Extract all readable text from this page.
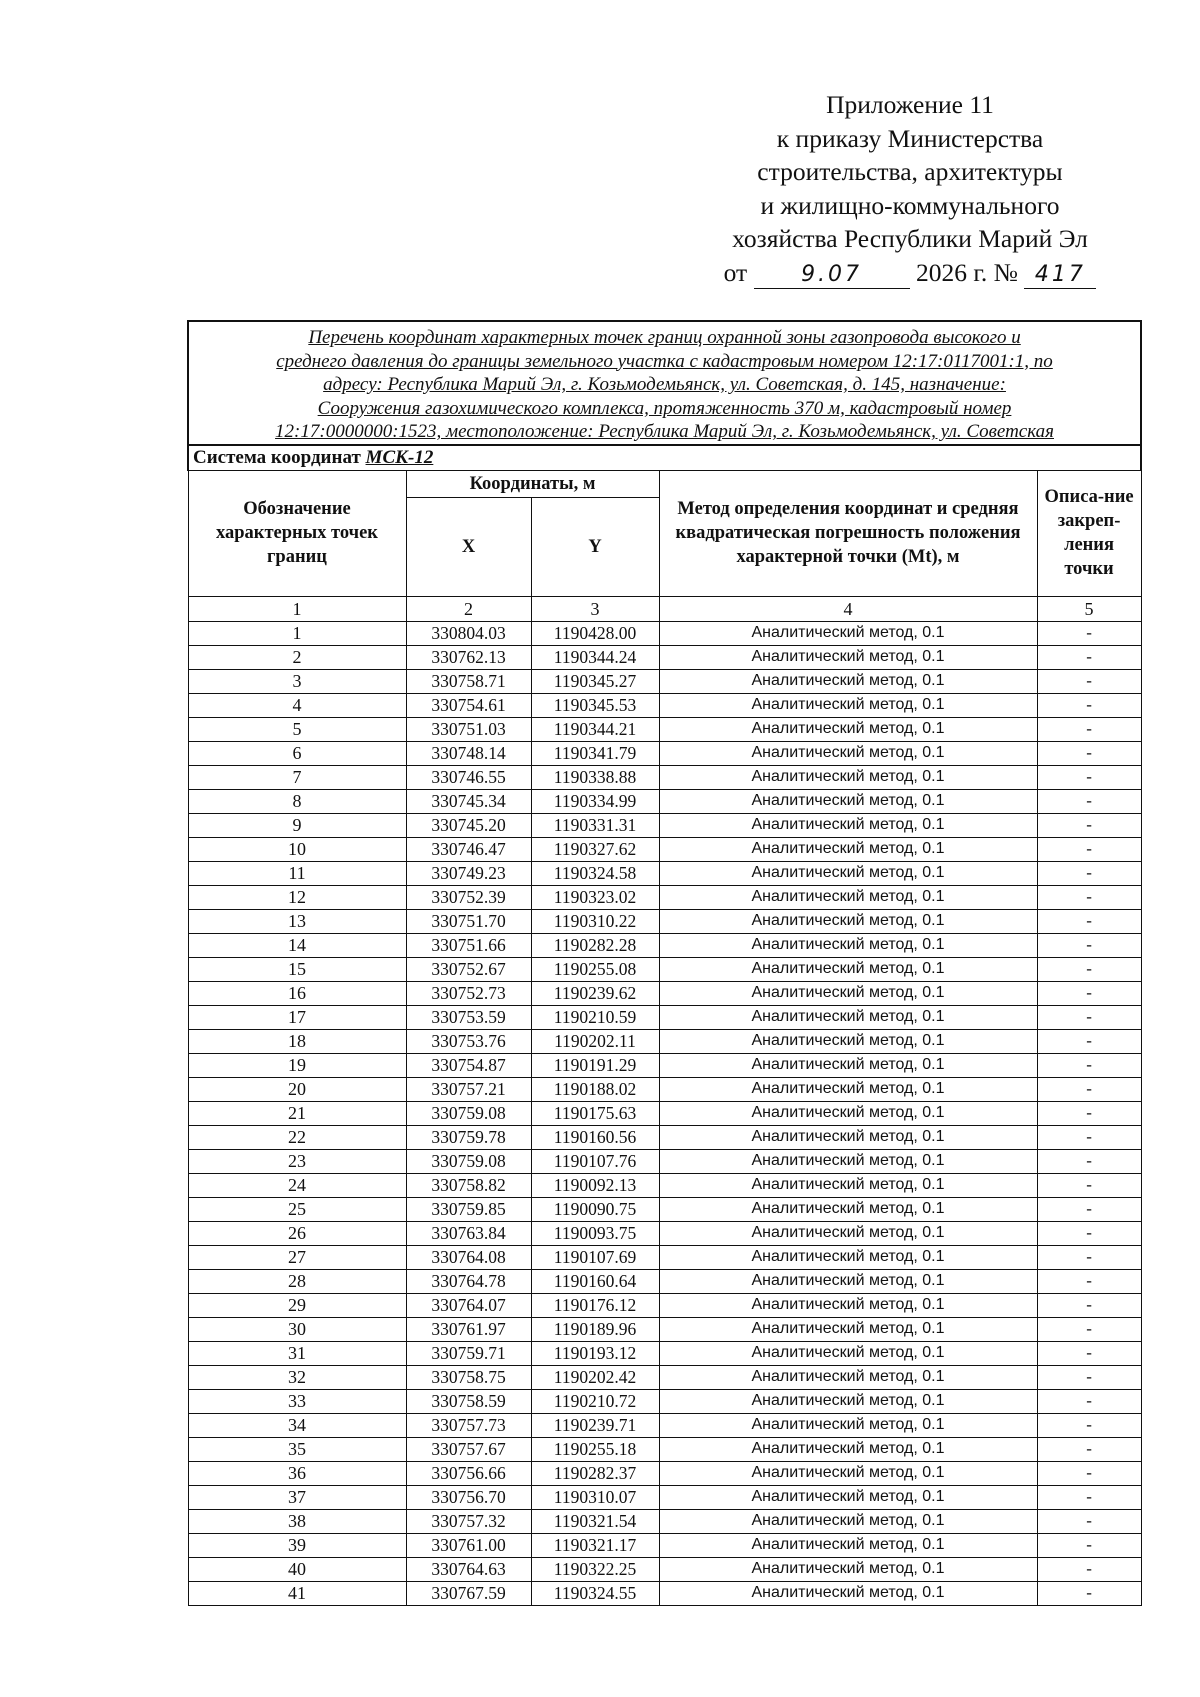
Приложение 11
к приказу Министерства
строительства, архитектуры
и жилищно-коммунального
хозяйства Республики Марий Эл
от 9.07 2026 г. № 417
Перечень координат характерных точек границ охранной зоны газопровода высокого и
среднего давления до границы земельного участка с кадастровым номером 12:17:0117001:1, по
адресу: Республика Марий Эл, г. Козьмодемьянск, ул. Советская, д. 145, назначение:
Сооружения газохимического комплекса, протяженность 370 м, кадастровый номер
12:17:0000000:1523, местоположение: Республика Марий Эл, г. Козьмодемьянск, ул. Советская				

Система координат МСК-12				
Обозначение характерных точек границ	Координаты, м		Метод определения координат и средняя квадратическая погрешность положения характерной точки (Mt), м	Описа-ние закреп-ления точки
	X	Y		
1	2	3	4	5
1	330804.03	1190428.00	Аналитический метод, 0.1	-
2	330762.13	1190344.24	Аналитический метод, 0.1	-
3	330758.71	1190345.27	Аналитический метод, 0.1	-
4	330754.61	1190345.53	Аналитический метод, 0.1	-
5	330751.03	1190344.21	Аналитический метод, 0.1	-
6	330748.14	1190341.79	Аналитический метод, 0.1	-
7	330746.55	1190338.88	Аналитический метод, 0.1	-
8	330745.34	1190334.99	Аналитический метод, 0.1	-
9	330745.20	1190331.31	Аналитический метод, 0.1	-
10	330746.47	1190327.62	Аналитический метод, 0.1	-
11	330749.23	1190324.58	Аналитический метод, 0.1	-
12	330752.39	1190323.02	Аналитический метод, 0.1	-
13	330751.70	1190310.22	Аналитический метод, 0.1	-
14	330751.66	1190282.28	Аналитический метод, 0.1	-
15	330752.67	1190255.08	Аналитический метод, 0.1	-
16	330752.73	1190239.62	Аналитический метод, 0.1	-
17	330753.59	1190210.59	Аналитический метод, 0.1	-
18	330753.76	1190202.11	Аналитический метод, 0.1	-
19	330754.87	1190191.29	Аналитический метод, 0.1	-
20	330757.21	1190188.02	Аналитический метод, 0.1	-
21	330759.08	1190175.63	Аналитический метод, 0.1	-
22	330759.78	1190160.56	Аналитический метод, 0.1	-
23	330759.08	1190107.76	Аналитический метод, 0.1	-
24	330758.82	1190092.13	Аналитический метод, 0.1	-
25	330759.85	1190090.75	Аналитический метод, 0.1	-
26	330763.84	1190093.75	Аналитический метод, 0.1	-
27	330764.08	1190107.69	Аналитический метод, 0.1	-
28	330764.78	1190160.64	Аналитический метод, 0.1	-
29	330764.07	1190176.12	Аналитический метод, 0.1	-
30	330761.97	1190189.96	Аналитический метод, 0.1	-
31	330759.71	1190193.12	Аналитический метод, 0.1	-
32	330758.75	1190202.42	Аналитический метод, 0.1	-
33	330758.59	1190210.72	Аналитический метод, 0.1	-
34	330757.73	1190239.71	Аналитический метод, 0.1	-
35	330757.67	1190255.18	Аналитический метод, 0.1	-
36	330756.66	1190282.37	Аналитический метод, 0.1	-
37	330756.70	1190310.07	Аналитический метод, 0.1	-
38	330757.32	1190321.54	Аналитический метод, 0.1	-
39	330761.00	1190321.17	Аналитический метод, 0.1	-
40	330764.63	1190322.25	Аналитический метод, 0.1	-
41	330767.59	1190324.55	Аналитический метод, 0.1	-
